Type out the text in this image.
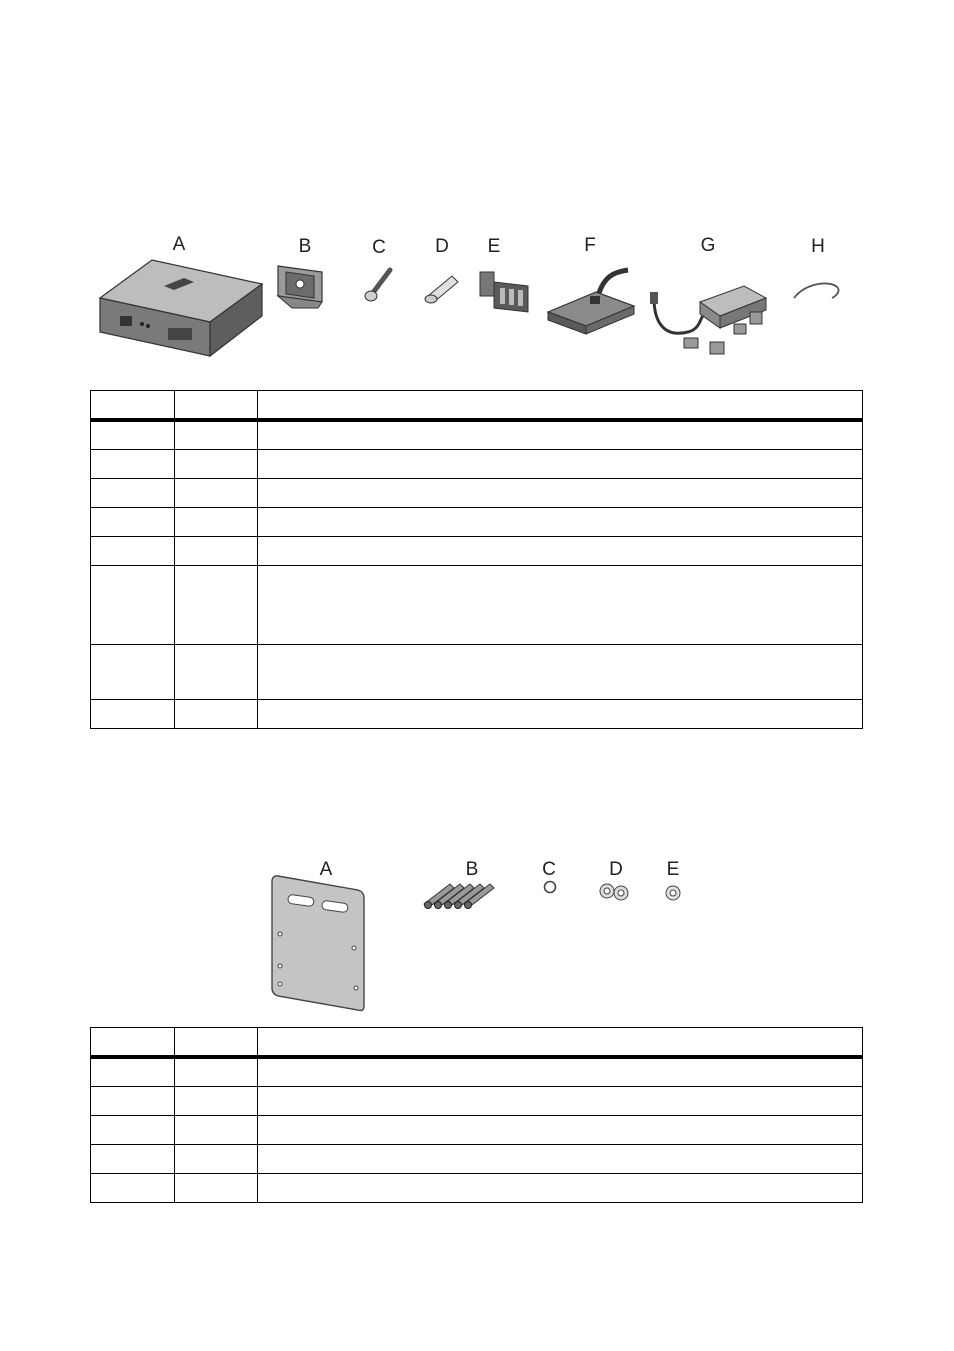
A	B	C	D E	F	G	H

A	B	C	D E
